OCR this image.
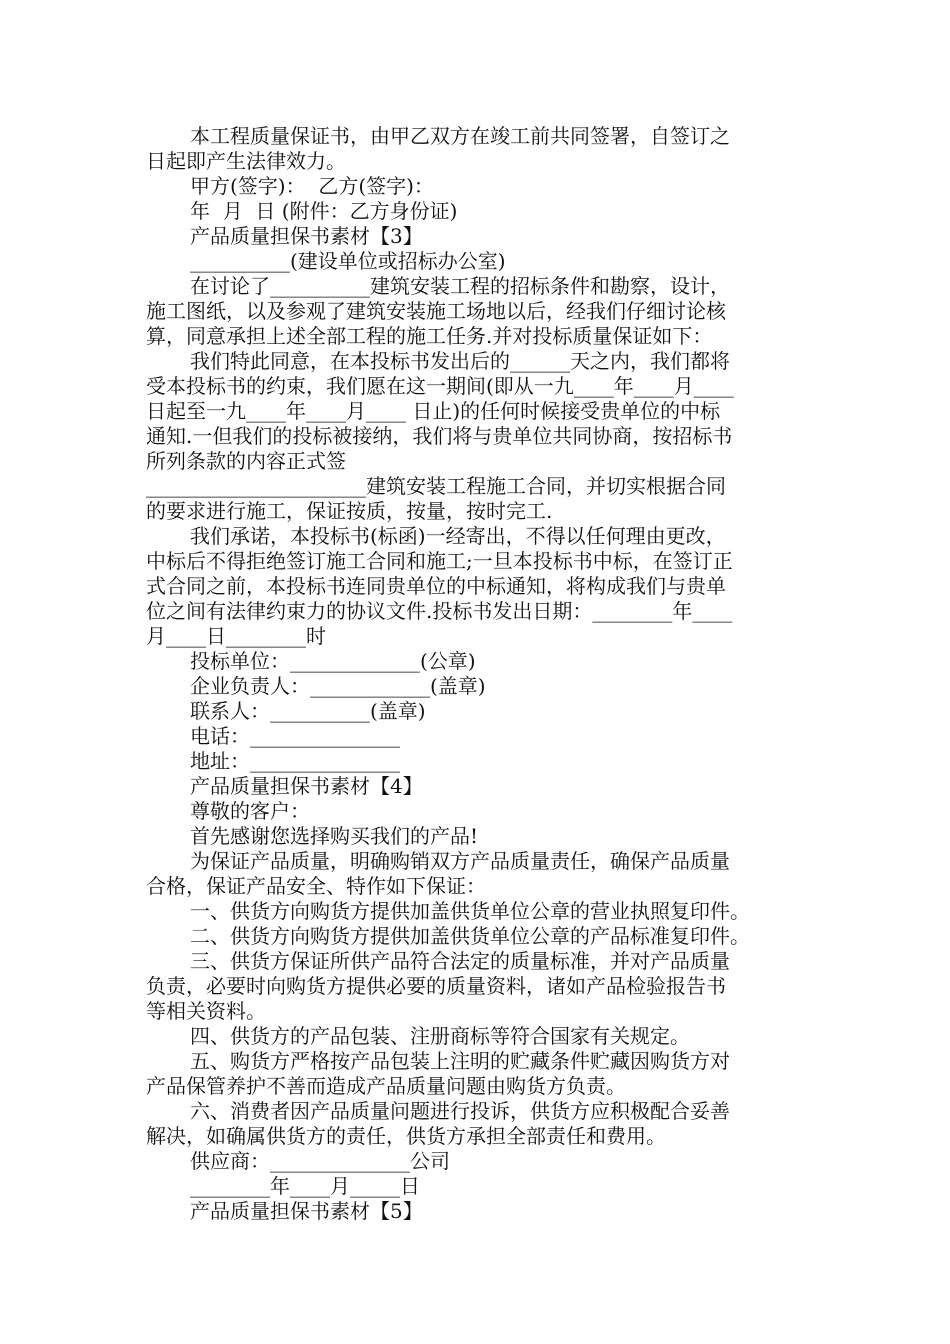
本工程质量保证书，由甲乙双方在竣工前共同签署，自签订之
日起即产生法律效力。
甲方(签字)：  乙方(签字)：
年  月  日 (附件：乙方身份证)
产品质量担保书素材【3】
__________(建设单位或招标办公室)
在讨论了__________建筑安装工程的招标条件和勘察，设计，
施工图纸，以及参观了建筑安装施工场地以后，经我们仔细讨论核
算，同意承担上述全部工程的施工任务.并对投标质量保证如下：
我们特此同意，在本投标书发出后的______天之内，我们都将
受本投标书的约束，我们愿在这一期间(即从一九____年____月____
日起至一九____年____月____ 日止)的任何时候接受贵单位的中标
通知.一但我们的投标被接纳，我们将与贵单位共同协商，按招标书
所列条款的内容正式签
______________________建筑安装工程施工合同，并切实根据合同
的要求进行施工，保证按质，按量，按时完工.
我们承诺，本投标书(标函)一经寄出，不得以任何理由更改，
中标后不得拒绝签订施工合同和施工;一旦本投标书中标，在签订正
式合同之前，本投标书连同贵单位的中标通知，将构成我们与贵单
位之间有法律约束力的协议文件.投标书发出日期：________年____
月____日________时
投标单位：_____________(公章)
企业负责人：____________(盖章)
联系人：__________(盖章)
电话：_______________
地址：_______________
产品质量担保书素材【4】
尊敬的客户：
首先感谢您选择购买我们的产品!
为保证产品质量，明确购销双方产品质量责任，确保产品质量
合格，保证产品安全、特作如下保证：
一、供货方向购货方提供加盖供货单位公章的营业执照复印件。
二、供货方向购货方提供加盖供货单位公章的产品标准复印件。
三、供货方保证所供产品符合法定的质量标准，并对产品质量
负责，必要时向购货方提供必要的质量资料，诸如产品检验报告书
等相关资料。
四、供货方的产品包装、注册商标等符合国家有关规定。
五、购货方严格按产品包装上注明的贮藏条件贮藏因购货方对
产品保管养护不善而造成产品质量问题由购货方负责。
六、消费者因产品质量问题进行投诉，供货方应积极配合妥善
解决，如确属供货方的责任，供货方承担全部责任和费用。
供应商：______________公司
________年____月_____日
产品质量担保书素材【5】
